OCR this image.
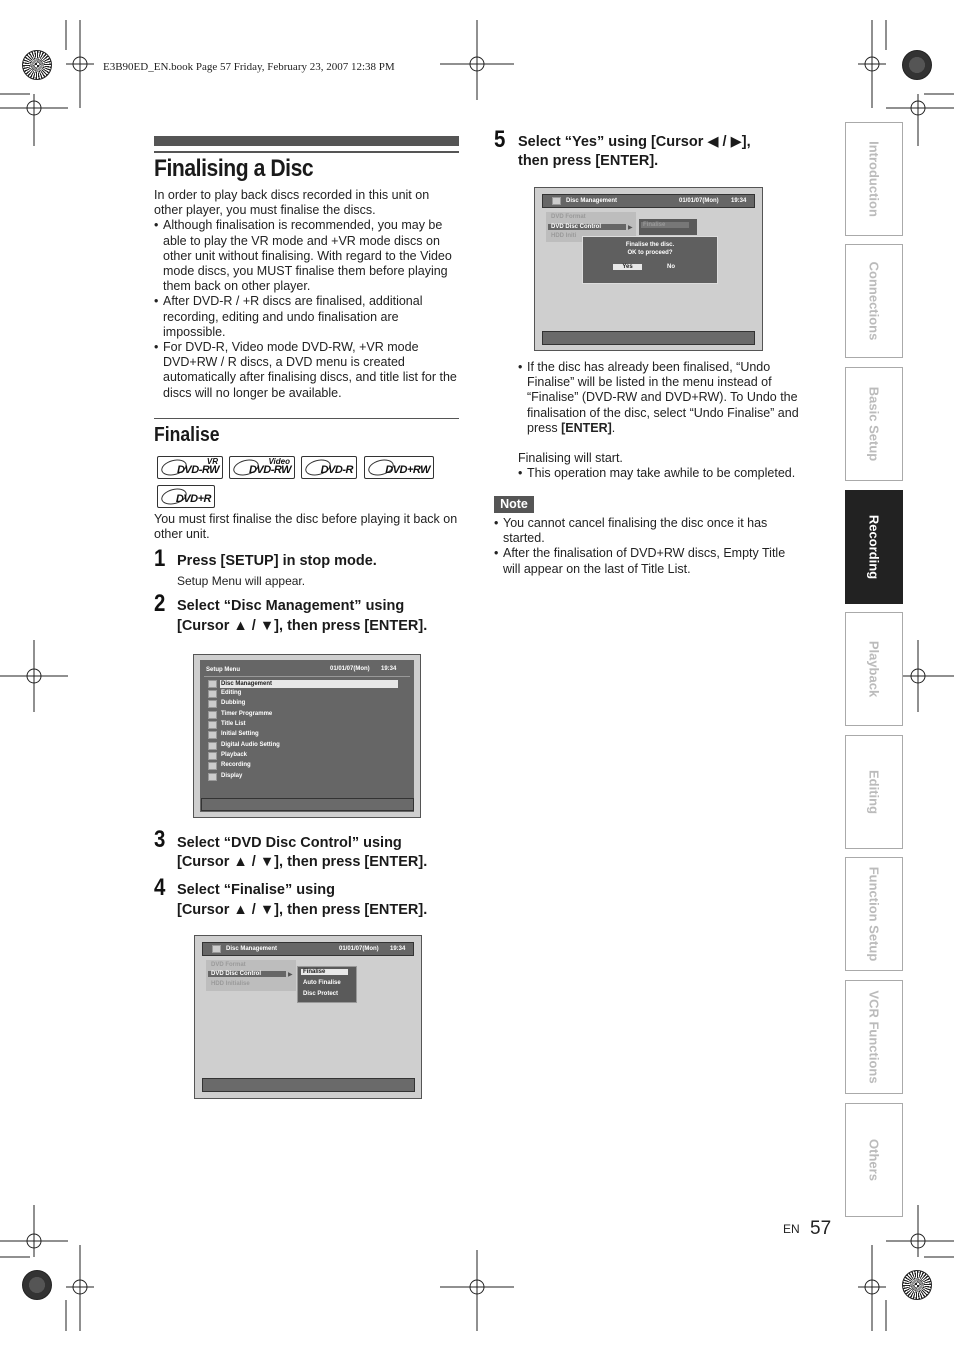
E3B90ED_EN.book Page 57 Friday, February 23, 2007 12:38 PM
Finalising a Disc

In order to play back discs recorded in this unit on other player, you must finalise the discs.

• Although finalisation is recommended, you may be able to play the VR mode and +VR mode discs on other unit without finalising. With regard to the Video mode discs, you MUST finalise them before playing them back on other player.
• After DVD-R / +R discs are finalised, additional recording, editing and undo finalisation are impossible.
• For DVD-R, Video mode DVD-RW, +VR mode DVD+RW / R discs, a DVD menu is created automatically after finalising discs, and title list for the discs will no longer be available.
Finalise
VR
DVD-RW
Video
DVD-RW	DVD-R	DVD+RW
DVD+R
You must first finalise the disc before playing it back on other unit.
1 Press [SETUP] in stop mode.
Setup Menu will appear.
2 Select “Disc Management” using
[Cursor ▲ / ▼], then press [ENTER].
Setup Menu	01/01/07(Mon) 19:34
Disc Management
Editing
Dubbing
Timer Programme
Title List
Initial Setting
Digital Audio Setting
Playback
Recording
Display
3 Select “DVD Disc Control” using
[Cursor ▲ / ▼], then press [ENTER].
4 Select “Finalise” using
[Cursor ▲ / ▼], then press [ENTER].
Disc Management	01/01/07(Mon) 19:34
DVD Format
DVD Disc Control	▶
HDD Initialise
Finalise
Auto Finalise
Disc Protect
5 Select “Yes” using [Cursor ◀ / ▶],
then press [ENTER].
Disc Management	01/01/07(Mon) 19:34
DVD Format
DVD Disc Control	▶
HDD Initi
Finalise
Finalise the disc.
OK to proceed?
Yes	No
• If the disc has already been finalised, “Undo Finalise” will be listed in the menu instead of “Finalise” (DVD-RW and DVD+RW). To Undo the finalisation of the disc, select “Undo Finalise” and press [ENTER].

Finalising will start.

• This operation may take awhile to be completed.
Note
• You cannot cancel finalising the disc once it has started.
• After the finalisation of DVD+RW discs, Empty Title will appear on the last of Title List.
Introduction
Connections
Basic Setup
Recording
Playback
Editing
Function Setup
VCR Functions
Others
EN 57
